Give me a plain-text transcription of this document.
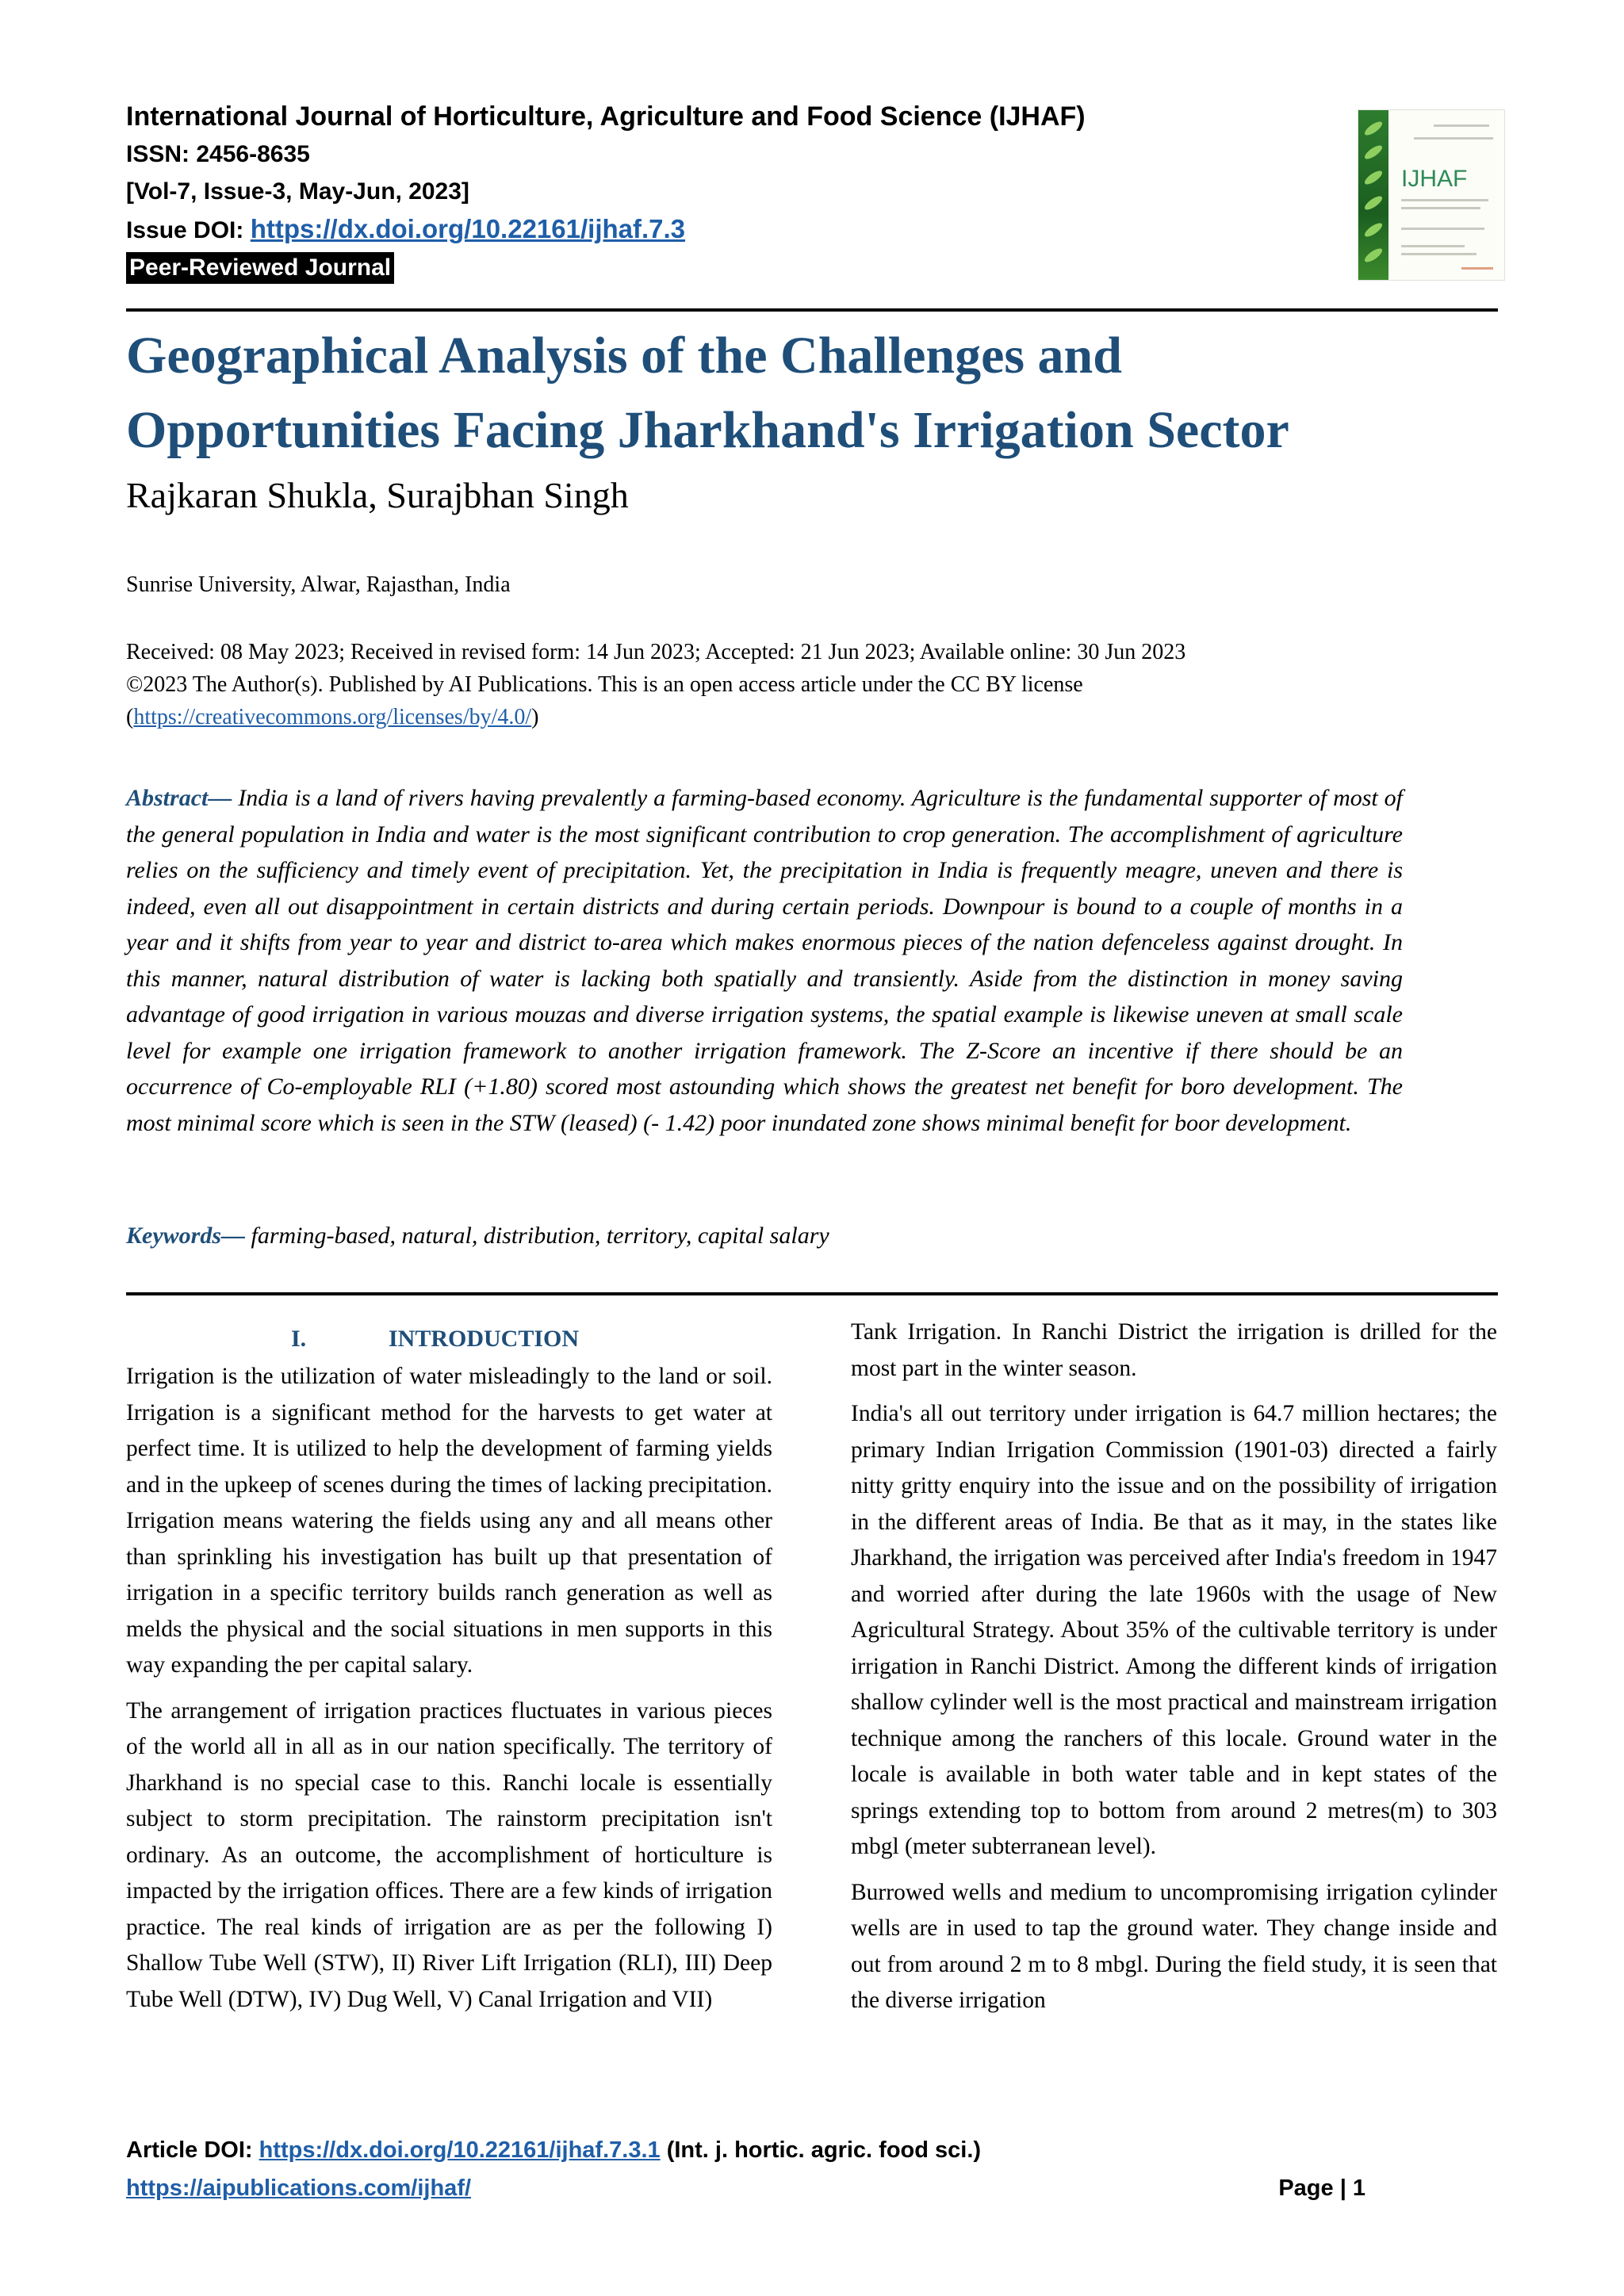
International Journal of Horticulture, Agriculture and Food Science (IJHAF)
ISSN: 2456-8635
[Vol-7, Issue-3, May-Jun, 2023]
Issue DOI: https://dx.doi.org/10.22161/ijhaf.7.3
Peer-Reviewed Journal
IJHAF
Geographical Analysis of the Challenges and
Opportunities Facing Jharkhand's Irrigation Sector
Rajkaran Shukla, Surajbhan Singh
Sunrise University, Alwar, Rajasthan, India
Received: 08 May 2023; Received in revised form: 14 Jun 2023; Accepted: 21 Jun 2023; Available online: 30 Jun 2023
©2023 The Author(s). Published by AI Publications. This is an open access article under the CC BY license
(https://creativecommons.org/licenses/by/4.0/)
Abstract— India is a land of rivers having prevalently a farming-based economy. Agriculture is the fundamental supporter of most of the general population in India and water is the most significant contribution to crop generation. The accomplishment of agriculture relies on the sufficiency and timely event of precipitation. Yet, the precipitation in India is frequently meagre, uneven and there is indeed, even all out disappointment in certain districts and during certain periods. Downpour is bound to a couple of months in a year and it shifts from year to year and district to-area which makes enormous pieces of the nation defenceless against drought. In this manner, natural distribution of water is lacking both spatially and transiently. Aside from the distinction in money saving advantage of good irrigation in various mouzas and diverse irrigation systems, the spatial example is likewise uneven at small scale level for example one irrigation framework to another irrigation framework. The Z-Score an incentive if there should be an occurrence of Co-employable RLI (+1.80) scored most astounding which shows the greatest net benefit for boro development. The most minimal score which is seen in the STW (leased) (- 1.42) poor inundated zone shows minimal benefit for boor development.
Keywords— farming-based, natural, distribution, territory, capital salary
I.	INTRODUCTION

Irrigation is the utilization of water misleadingly to the land or soil. Irrigation is a significant method for the harvests to get water at perfect time. It is utilized to help the development of farming yields and in the upkeep of scenes during the times of lacking precipitation. Irrigation means watering the fields using any and all means other than sprinkling his investigation has built up that presentation of irrigation in a specific territory builds ranch generation as well as melds the physical and the social situations in men supports in this way expanding the per capital salary.

The arrangement of irrigation practices fluctuates in various pieces of the world all in all as in our nation specifically. The territory of Jharkhand is no special case to this. Ranchi locale is essentially subject to storm precipitation. The rainstorm precipitation isn't ordinary. As an outcome, the accomplishment of horticulture is impacted by the irrigation offices. There are a few kinds of irrigation practice. The real kinds of irrigation are as per the following I) Shallow Tube Well (STW), II) River Lift Irrigation (RLI), III) Deep Tube Well (DTW), IV) Dug Well, V) Canal Irrigation and VII)

Tank Irrigation. In Ranchi District the irrigation is drilled for the most part in the winter season.

India's all out territory under irrigation is 64.7 million hectares; the primary Indian Irrigation Commission (1901-03) directed a fairly nitty gritty enquiry into the issue and on the possibility of irrigation in the different areas of India. Be that as it may, in the states like Jharkhand, the irrigation was perceived after India's freedom in 1947 and worried after during the late 1960s with the usage of New Agricultural Strategy. About 35% of the cultivable territory is under irrigation in Ranchi District. Among the different kinds of irrigation shallow cylinder well is the most practical and mainstream irrigation technique among the ranchers of this locale. Ground water in the locale is available in both water table and in kept states of the springs extending top to bottom from around 2 metres(m) to 303 mbgl (meter subterranean level).

Burrowed wells and medium to uncompromising irrigation cylinder wells are in used to tap the ground water. They change inside and out from around 2 m to 8 mbgl. During the field study, it is seen that the diverse irrigation

Article DOI: https://dx.doi.org/10.22161/ijhaf.7.3.1 (Int. j. hortic. agric. food sci.)
https://aipublications.com/ijhaf/	Page | 1
